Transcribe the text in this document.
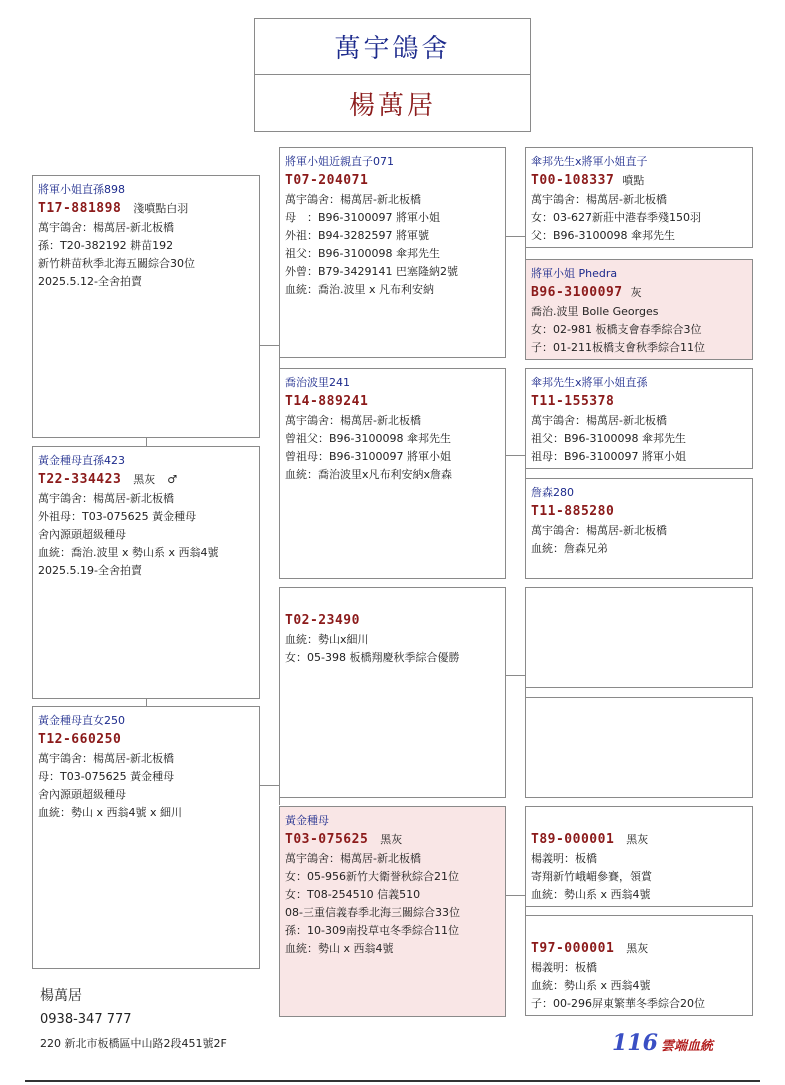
萬宇鴿舍
楊萬居
將軍小姐直孫898
T17-881898 淺噴點白羽
萬宇鴿舍：楊萬居-新北板橋
孫：T20-382192 耕苗192
新竹耕苗秋季北海五關綜合30位
2025.5.12-全舍拍賣
黃金種母直孫423
T22-334423 黑灰 ♂
萬宇鴿舍：楊萬居-新北板橋
外祖母：T03-075625 黃金種母
舍內源頭超級種母
血統：喬治.波里 x 勢山系 x 西翁4號
2025.5.19-全舍拍賣
黃金種母直女250
T12-660250
萬宇鴿舍：楊萬居-新北板橋
母：T03-075625 黃金種母
舍內源頭超級種母
血統：勢山 x 西翁4號 x 細川
將軍小姐近親直子071
T07-204071
萬宇鴿舍：楊萬居-新北板橋
母　：B96-3100097 將軍小姐
外祖：B94-3282597 將軍號
祖父：B96-3100098 傘邦先生
外曾：B79-3429141 巴塞隆納2號
血統：喬治.波里 x 凡布利安納
喬治波里241
T14-889241
萬宇鴿舍：楊萬居-新北板橋
曾祖父：B96-3100098 傘邦先生
曾祖母：B96-3100097 將軍小姐
血統：喬治波里x凡布利安納x詹森
T02-23490
血統：勢山x細川
女：05-398 板橋翔慶秋季綜合優勝
黃金種母
T03-075625 黑灰
萬宇鴿舍：楊萬居-新北板橋
女：05-956新竹大衛誉秋綜合21位
女：T08-254510 信義510
08-三重信義春季北海三關綜合33位
孫：10-309南投草屯冬季綜合11位
血統：勢山 x 西翁4號
傘邦先生x將軍小姐直子
T00-108337 噴點
萬宇鴿舍：楊萬居-新北板橋
女：03-627新莊中港春季殘150羽
父：B96-3100098 傘邦先生
將軍小姐 Phedra
B96-3100097 灰
喬治.波里 Bolle Georges
女：02-981 板橋支會春季綜合3位
子：01-211板橋支會秋季綜合11位
傘邦先生x將軍小姐直孫
T11-155378
萬宇鴿舍：楊萬居-新北板橋
祖父：B96-3100098 傘邦先生
祖母：B96-3100097 將軍小姐
詹森280
T11-885280
萬宇鴿舍：楊萬居-新北板橋
血統：詹森兄弟
T89-000001 黑灰
楊義明：板橋
寄翔新竹峨嵋參賽，領賞
血統：勢山系 x 西翁4號
T97-000001 黑灰
楊義明：板橋
血統：勢山系 x 西翁4號
子：00-296屏東繁華冬季綜合20位
楊萬居
0938-347 777
220 新北市板橋區中山路2段451號2F	116 雲端血統
